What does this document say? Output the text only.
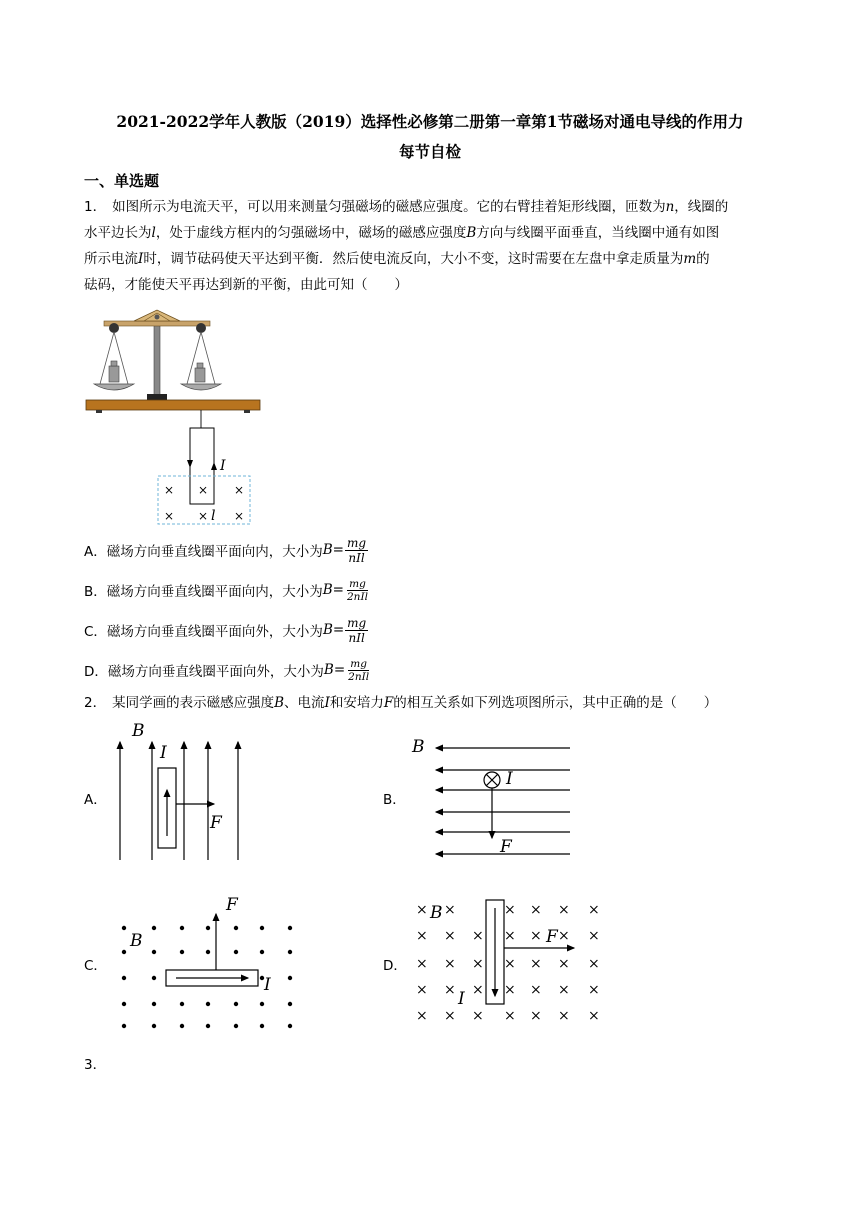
2021-2022学年人教版（2019）选择性必修第二册第一章第1节磁场对通电导线的作用力
每节自检
一、单选题
1． 如图所示为电流天平，可以用来测量匀强磁场的磁感应强度。它的右臂挂着矩形线圈，匝数为n，线圈的
水平边长为l，处于虚线方框内的匀强磁场中，磁场的磁感应强度B方向与线圈平面垂直，当线圈中通有如图
所示电流I时，调节砝码使天平达到平衡．然后使电流反向，大小不变，这时需要在左盘中拿走质量为m的
砝码，才能使天平再达到新的平衡，由此可知（　　）
I
× × ×
× × ×
l
A． 磁场方向垂直线圈平面向内，大小为 $B= \frac{mg}{\text{nIl}}$
B． 磁场方向垂直线圈平面向内，大小为 $B= \frac{mg}{\text{2nIl}}$
C． 磁场方向垂直线圈平面向外，大小为 $B= \frac{mg}{\text{nIl}}$
D． 磁场方向垂直线圈平面向外，大小为 $B= \frac{mg}{\text{2nIl}}$
2． 某同学画的表示磁感应强度B、电流I和安培力F的相互关系如下列选项图所示，其中正确的是（　　）
A．	B．
C．	D．
B
I
F
B
I
F
F
B
I
× ×	× × × ×
× × × × × × ×
× × × × × × ×
× × × × × × ×
× × × × × × ×
B
F
I
3．
